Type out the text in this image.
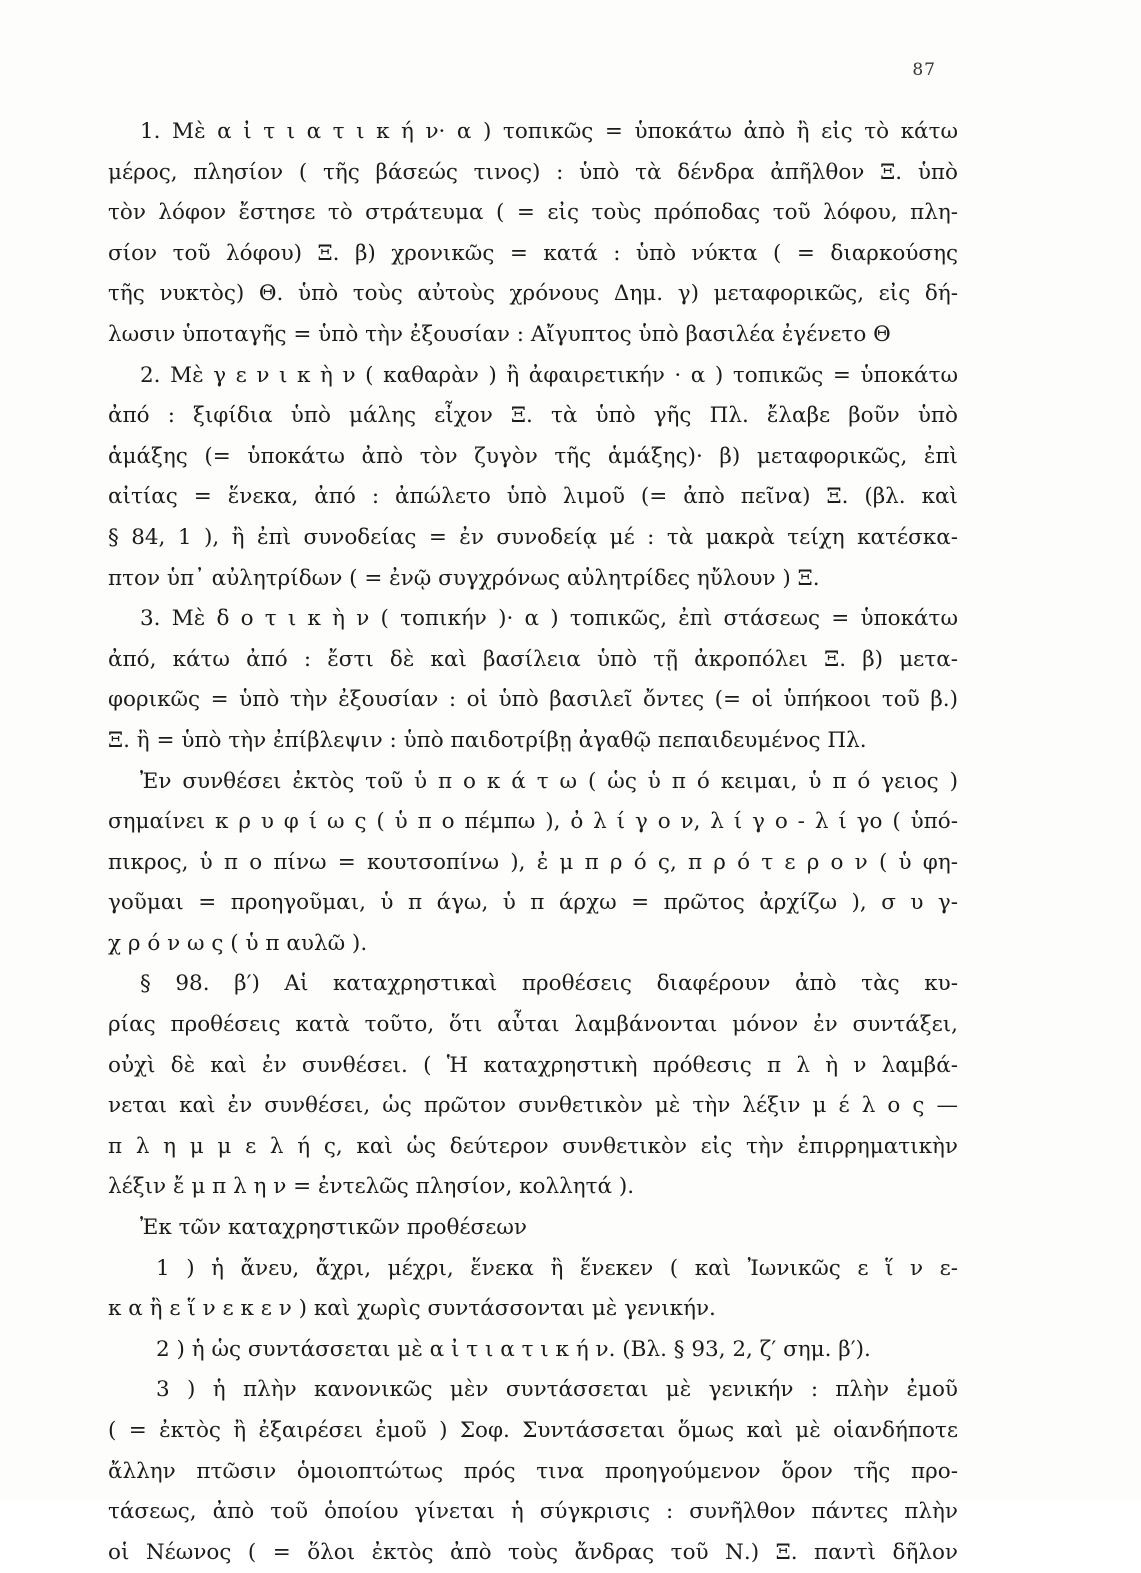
87
1. Μὲ α ἰ τ ι α τ ι κ ή ν· α ) τοπικῶς = ὑποκάτω ἀπὸ ἢ εἰς τὸ κάτω
μέρος, πλησίον ( τῆς βάσεώς τινος) : ὑπὸ τὰ δένδρα ἀπῆλθον Ξ. ὑπὸ
τὸν λόφον ἔστησε τὸ στράτευμα ( = εἰς τοὺς πρόποδας τοῦ λόφου, πλη-
σίον τοῦ λόφου) Ξ. β) χρονικῶς = κατά : ὑπὸ νύκτα ( = διαρκούσης
τῆς νυκτὸς) Θ. ὑπὸ τοὺς αὐτοὺς χρόνους Δημ. γ) μεταφορικῶς, εἰς δή-
λωσιν ὑποταγῆς = ὑπὸ τὴν ἐξουσίαν : Αἴγυπτος ὑπὸ βασιλέα ἐγένετο Θ
2. Μὲ γ ε ν ι κ ὴ ν ( καθαρὰν ) ἢ ἀφαιρετικήν · α ) τοπικῶς = ὑποκάτω
ἀπό : ξιφίδια ὑπὸ μάλης εἶχον Ξ. τὰ ὑπὸ γῆς Πλ. ἔλαβε βοῦν ὑπὸ
ἁμάξης (= ὑποκάτω ἀπὸ τὸν ζυγὸν τῆς ἁμάξης)· β) μεταφορικῶς, ἐπὶ
αἰτίας = ἕνεκα, ἀπό : ἀπώλετο ὑπὸ λιμοῦ (= ἀπὸ πεῖνα) Ξ. (βλ. καὶ
§ 84, 1 ), ἢ ἐπὶ συνοδείας = ἐν συνοδείᾳ μέ : τὰ μακρὰ τείχη κατέσκα-
πτον ὑπ᾽ αὐλητρίδων ( = ἐνῷ συγχρόνως αὐλητρίδες ηὔλουν ) Ξ.
3. Μὲ δ ο τ ι κ ὴ ν ( τοπικήν )· α ) τοπικῶς, ἐπὶ στάσεως = ὑποκάτω
ἀπό, κάτω ἀπό : ἔστι δὲ καὶ βασίλεια ὑπὸ τῇ ἀκροπόλει Ξ. β) μετα-
φορικῶς = ὑπὸ τὴν ἐξουσίαν : οἱ ὑπὸ βασιλεῖ ὄντες (= οἱ ὑπήκοοι τοῦ β.)
Ξ. ἢ = ὑπὸ τὴν ἐπίβλεψιν : ὑπὸ παιδοτρίβῃ ἀγαθῷ πεπαιδευμένος Πλ.
Ἐν συνθέσει ἐκτὸς τοῦ ὑ π ο κ ά τ ω ( ὡς ὑ π ό κειμαι, ὑ π ό γειος )
σημαίνει κ ρ υ φ ί ω ς ( ὑ π ο πέμπω ), ὀ λ ί γ ο ν, λ ί γ ο - λ ί γο ( ὑπό-
πικρος, ὑ π ο πίνω = κουτσοπίνω ), ἐ μ π ρ ό ς, π ρ ό τ ε ρ ο ν ( ὑ φη-
γοῦμαι = προηγοῦμαι, ὑ π άγω, ὑ π άρχω = πρῶτος ἀρχίζω ), σ υ γ-
χ ρ ό ν ω ς ( ὑ π αυλῶ ).
§ 98. β′) Αἱ καταχρηστικαὶ προθέσεις διαφέρουν ἀπὸ τὰς κυ-
ρίας προθέσεις κατὰ τοῦτο, ὅτι αὗται λαμβάνονται μόνον ἐν συντάξει,
οὐχὶ δὲ καὶ ἐν συνθέσει. ( Ἡ καταχρηστικὴ πρόθεσις π λ ὴ ν λαμβά-
νεται καὶ ἐν συνθέσει, ὡς πρῶτον συνθετικὸν μὲ τὴν λέξιν μ έ λ ο ς —
π λ η μ μ ε λ ή ς, καὶ ὡς δεύτερον συνθετικὸν εἰς τὴν ἐπιρρηματικὴν
λέξιν ἔ μ π λ η ν = ἐντελῶς πλησίον, κολλητά ).
Ἐκ τῶν καταχρηστικῶν προθέσεων
1 ) ἡ ἄνευ, ἄχρι, μέχρι, ἕνεκα ἢ ἕνεκεν ( καὶ Ἰωνικῶς ε ἵ ν ε-
κ α ἢ ε ἵ ν ε κ ε ν ) καὶ χωρὶς συντάσσονται μὲ γενικήν.
2 ) ἡ ὡς συντάσσεται μὲ α ἰ τ ι α τ ι κ ή ν. (Βλ. § 93, 2, ζ′ σημ. β′).
3 ) ἡ πλὴν κανονικῶς μὲν συντάσσεται μὲ γενικήν : πλὴν ἐμοῦ
( = ἐκτὸς ἢ ἐξαιρέσει ἐμοῦ ) Σοφ. Συντάσσεται ὅμως καὶ μὲ οἱανδήποτε
ἄλλην πτῶσιν ὁμοιοπτώτως πρός τινα προηγούμενον ὅρον τῆς προ-
τάσεως, ἀπὸ τοῦ ὁποίου γίνεται ἡ σύγκρισις : συνῆλθον πάντες πλὴν
οἱ Νέωνος ( = ὅλοι ἐκτὸς ἀπὸ τοὺς ἄνδρας τοῦ Ν.) Ξ. παντὶ δῆλον
